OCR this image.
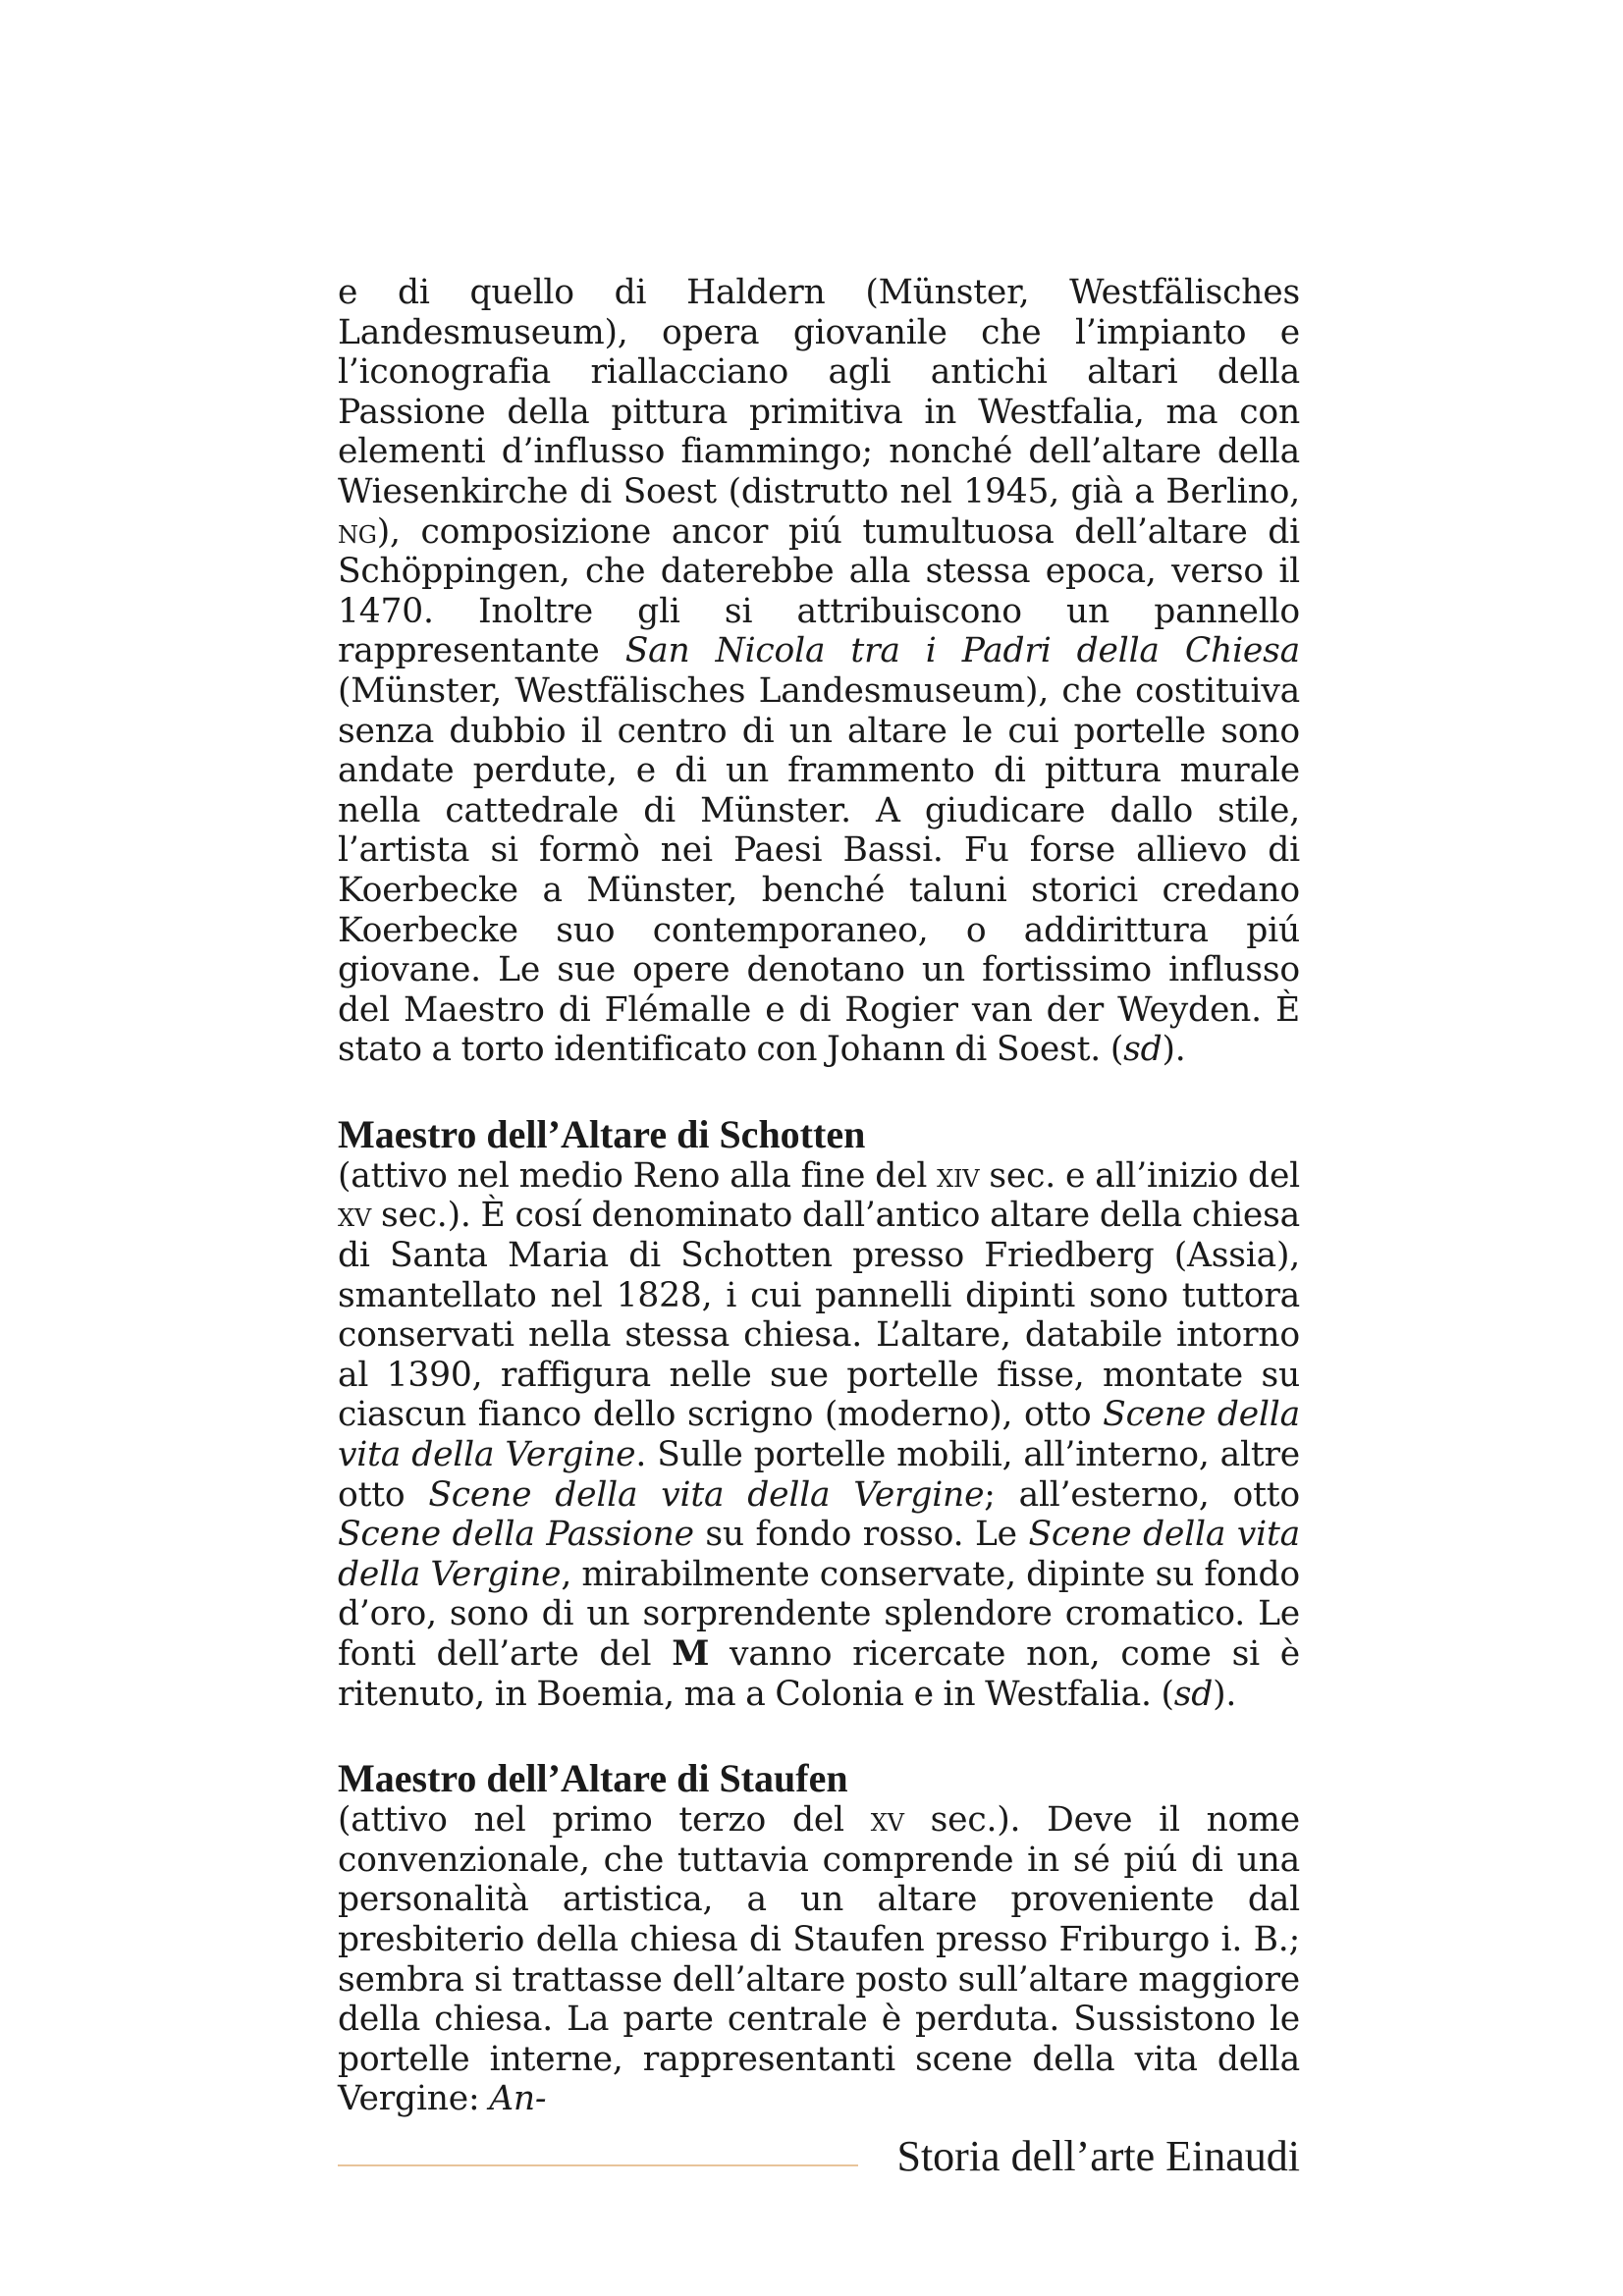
e di quello di Haldern (Münster, Westfälisches Landesmuseum), opera giovanile che l’impianto e l’iconografia riallacciano agli antichi altari della Passione della pittura primitiva in Westfalia, ma con elementi d’influsso fiammingo; nonché dell’altare della Wiesenkirche di Soest (distrutto nel 1945, già a Berlino, ng), composizione ancor piú tumultuosa dell’altare di Schöppingen, che daterebbe alla stessa epoca, verso il 1470. Inoltre gli si attribuiscono un pannello rappresentante San Nicola tra i Padri della Chiesa (Münster, Westfälisches Landesmuseum), che costituiva senza dubbio il centro di un altare le cui portelle sono andate perdute, e di un frammento di pittura murale nella cattedrale di Münster. A giudicare dallo stile, l’artista si formò nei Paesi Bassi. Fu forse allievo di Koerbecke a Münster, benché taluni storici credano Koerbecke suo contemporaneo, o addirittura piú giovane. Le sue opere denotano un fortissimo influsso del Maestro di Flémalle e di Rogier van der Weyden. È stato a torto identificato con Johann di Soest. (sd).

Maestro dell’Altare di Schotten

(attivo nel medio Reno alla fine del xiv sec. e all’inizio del xv sec.). È cosí denominato dall’antico altare della chiesa di Santa Maria di Schotten presso Friedberg (Assia), smantellato nel 1828, i cui pannelli dipinti sono tuttora conservati nella stessa chiesa. L’altare, databile intorno al 1390, raffigura nelle sue portelle fisse, montate su ciascun fianco dello scrigno (moderno), otto Scene della vita della Vergine. Sulle portelle mobili, all’interno, altre otto Scene della vita della Vergine; all’esterno, otto Scene della Passione su fondo rosso. Le Scene della vita della Vergine, mirabilmente conservate, dipinte su fondo d’oro, sono di un sorprendente splendore cromatico. Le fonti dell’arte del M vanno ricercate non, come si è ritenuto, in Boemia, ma a Colonia e in Westfalia. (sd).

Maestro dell’Altare di Staufen

(attivo nel primo terzo del xv sec.). Deve il nome convenzionale, che tuttavia comprende in sé piú di una personalità artistica, a un altare proveniente dal presbiterio della chiesa di Staufen presso Friburgo i. B.; sembra si trattasse dell’altare posto sull’altare maggiore della chiesa. La parte centrale è perduta. Sussistono le portelle interne, rappresentanti scene della vita della Vergine: An-

Storia dell’arte Einaudi
